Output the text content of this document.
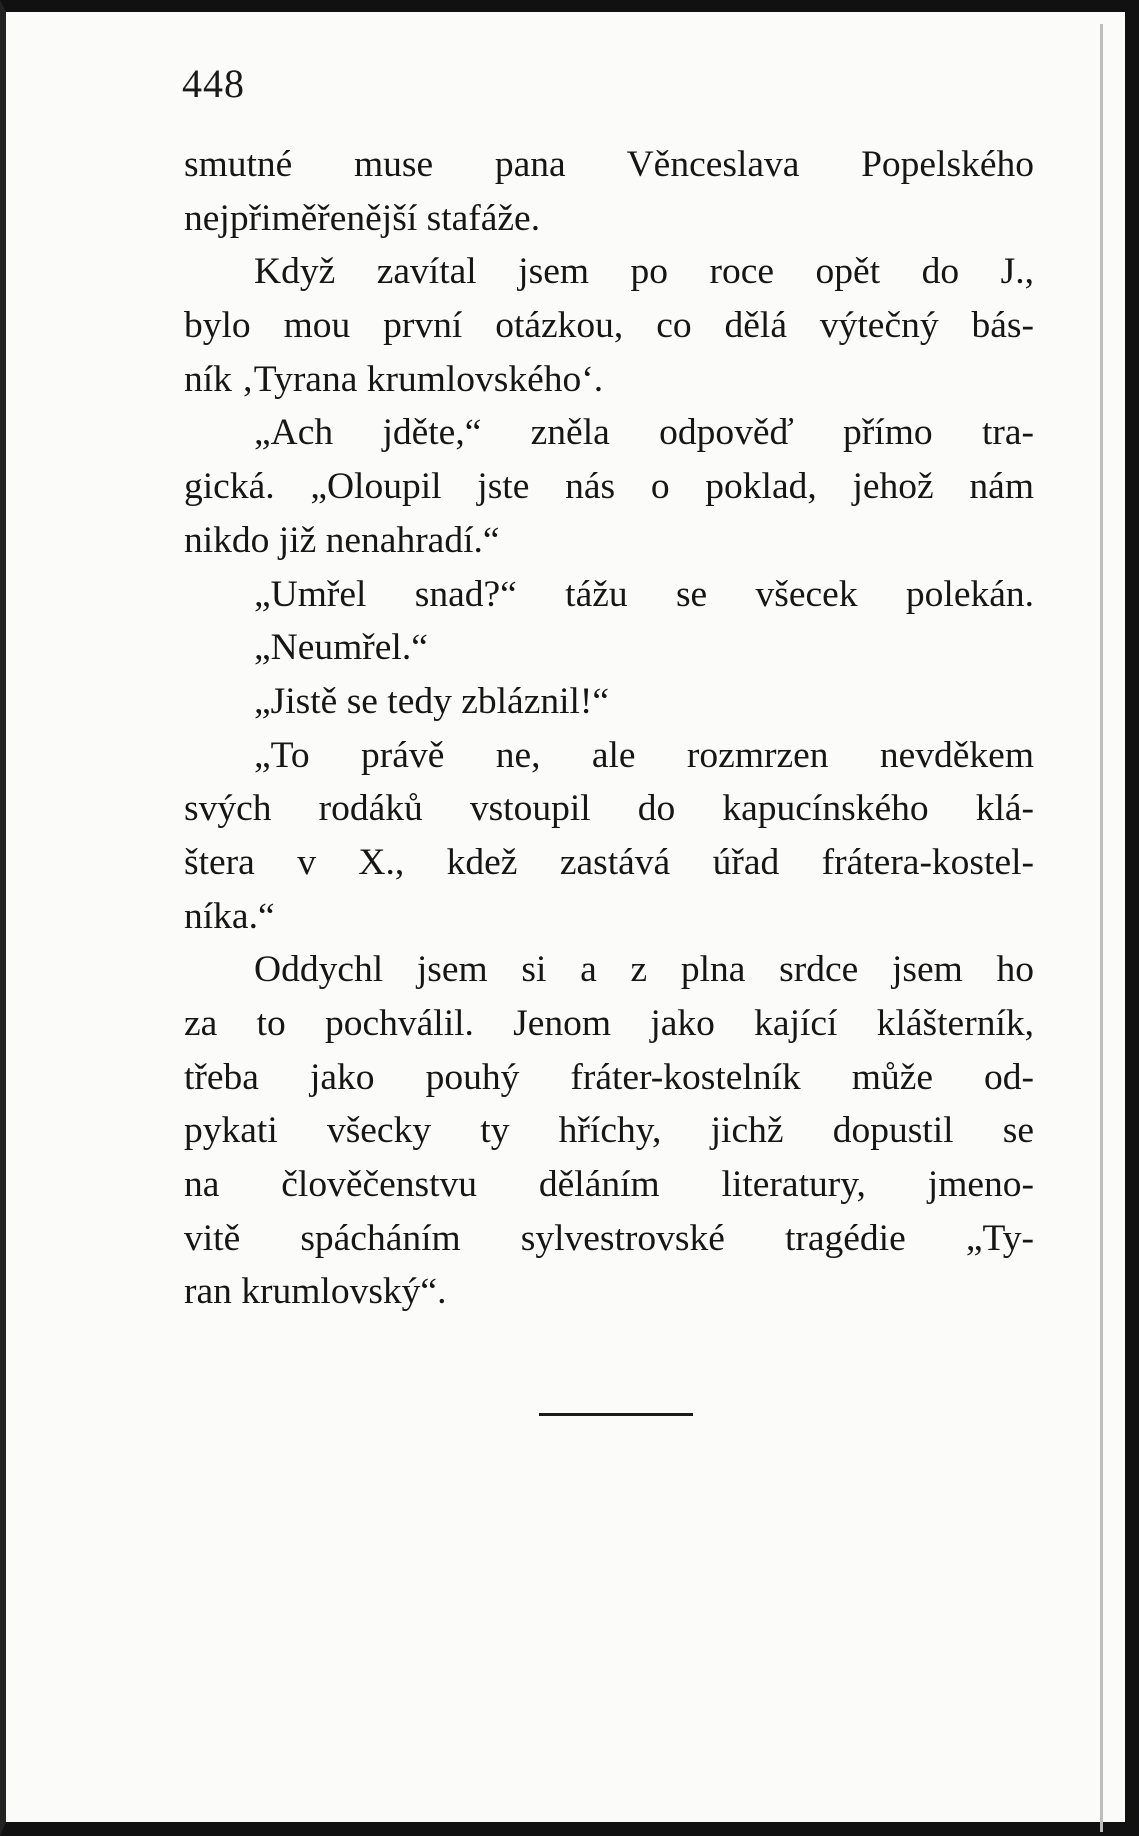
448
smutné muse pana Věnceslava Popelského
nejpřiměřenější stafáže.
Když zavítal jsem po roce opět do J.,
bylo mou první otázkou, co dělá výtečný bás-
ník ‚Tyrana krumlovského‘.
„Ach jděte,“ zněla odpověď přímo tra-
gická. „Oloupil jste nás o poklad, jehož nám
nikdo již nenahradí.“
„Umřel snad?“ tážu se všecek polekán.
„Neumřel.“
„Jistě se tedy zbláznil!“
„To právě ne, ale rozmrzen nevděkem
svých rodáků vstoupil do kapucínského klá-
štera v X., kdež zastává úřad frátera-kostel-
níka.“
Oddychl jsem si a z plna srdce jsem ho
za to pochválil. Jenom jako kající klášterník,
třeba jako pouhý fráter-kostelník může od-
pykati všecky ty hříchy, jichž dopustil se
na člověčenstvu děláním literatury, jmeno-
vitě spácháním sylvestrovské tragédie „Ty-
ran krumlovský“.
